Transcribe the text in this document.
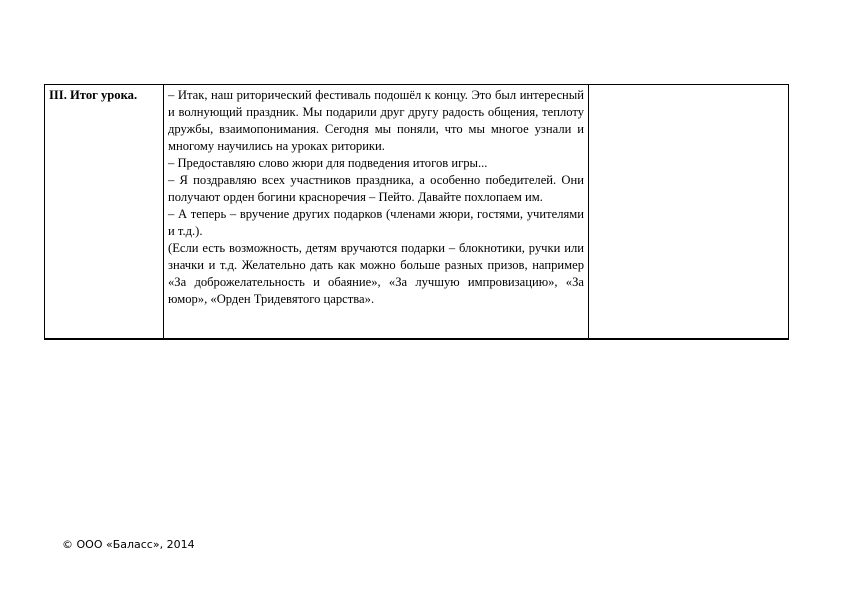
III. Итог урока.	– Итак, наш риторический фестиваль подошёл к концу. Это был интересный и волнующий праздник. Мы подарили друг другу радость общения, теплоту дружбы, взаимопонимания. Сегодня мы поняли, что мы многое узнали и многому научились на уроках риторики.
– Предоставляю слово жюри для подведения итогов игры...
– Я поздравляю всех участников праздника, а особенно победителей. Они получают орден богини красноречия – Пейто. Давайте похлопаем им.
– А теперь – вручение других подарков (членами жюри, гостями, учителями и т.д.).
(Если есть возможность, детям вручаются подарки – блокнотики, ручки или значки и т.д. Желательно дать как можно больше разных призов, например «За доброжелательность и обаяние», «За лучшую импровизацию», «За юмор», «Орден Тридевятого царства».

© ООО «Баласс», 2014
